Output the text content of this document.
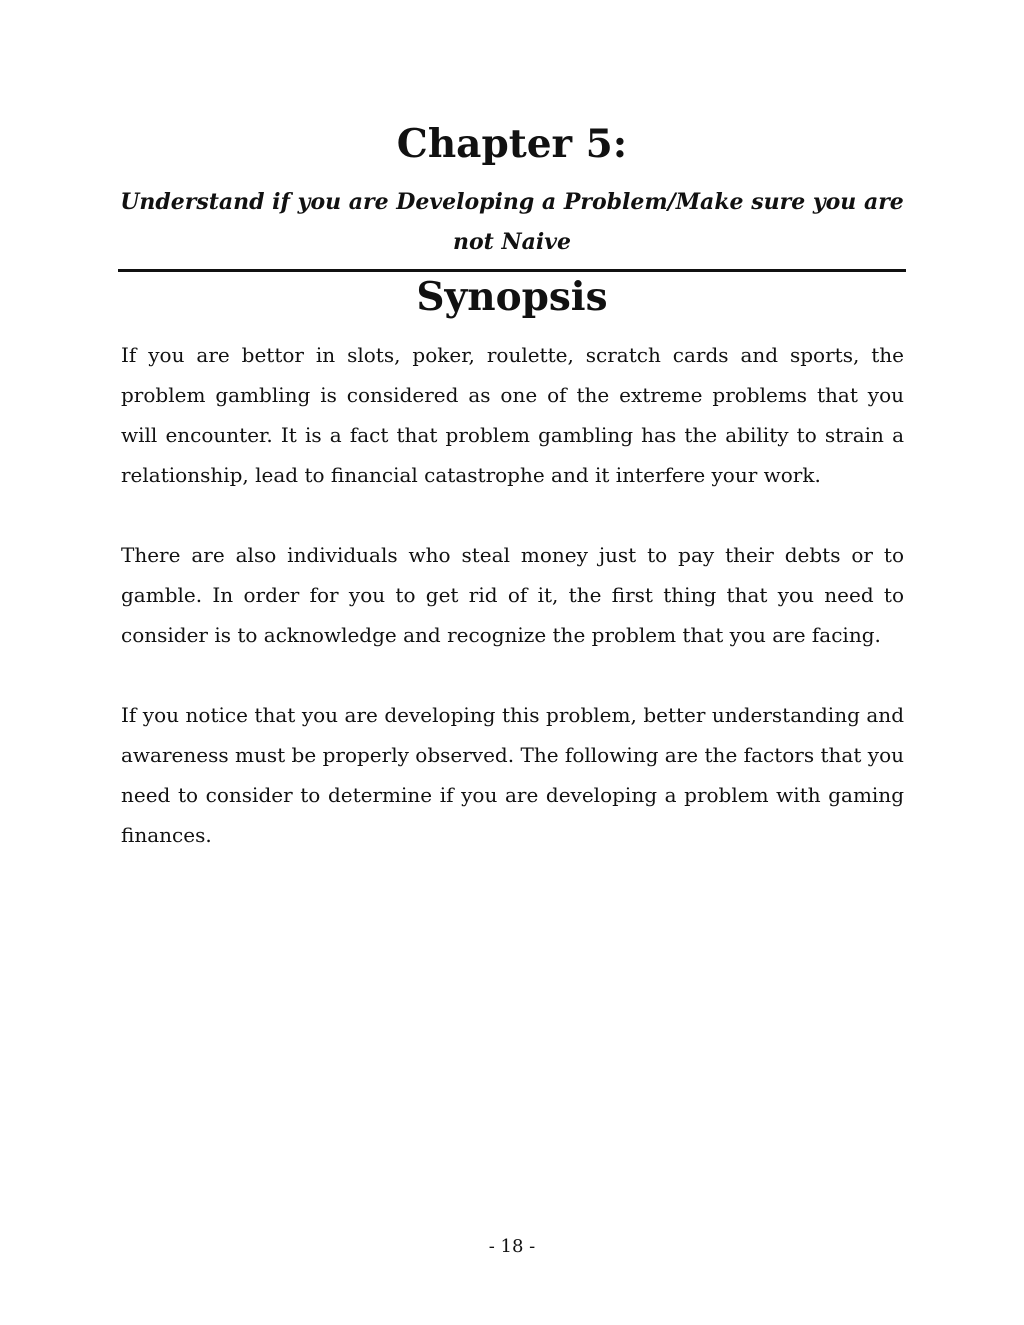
Chapter 5:

Understand if you are Developing a Problem/Make sure you are not Naive

Synopsis

If you are bettor in slots, poker, roulette, scratch cards and sports, the problem gambling is considered as one of the extreme problems that you will encounter. It is a fact that problem gambling has the ability to strain a relationship, lead to financial catastrophe and it interfere your work.

There are also individuals who steal money just to pay their debts or to gamble. In order for you to get rid of it, the first thing that you need to consider is to acknowledge and recognize the problem that you are facing.

If you notice that you are developing this problem, better understanding and awareness must be properly observed. The following are the factors that you need to consider to determine if you are developing a problem with gaming finances.

- 18 -
